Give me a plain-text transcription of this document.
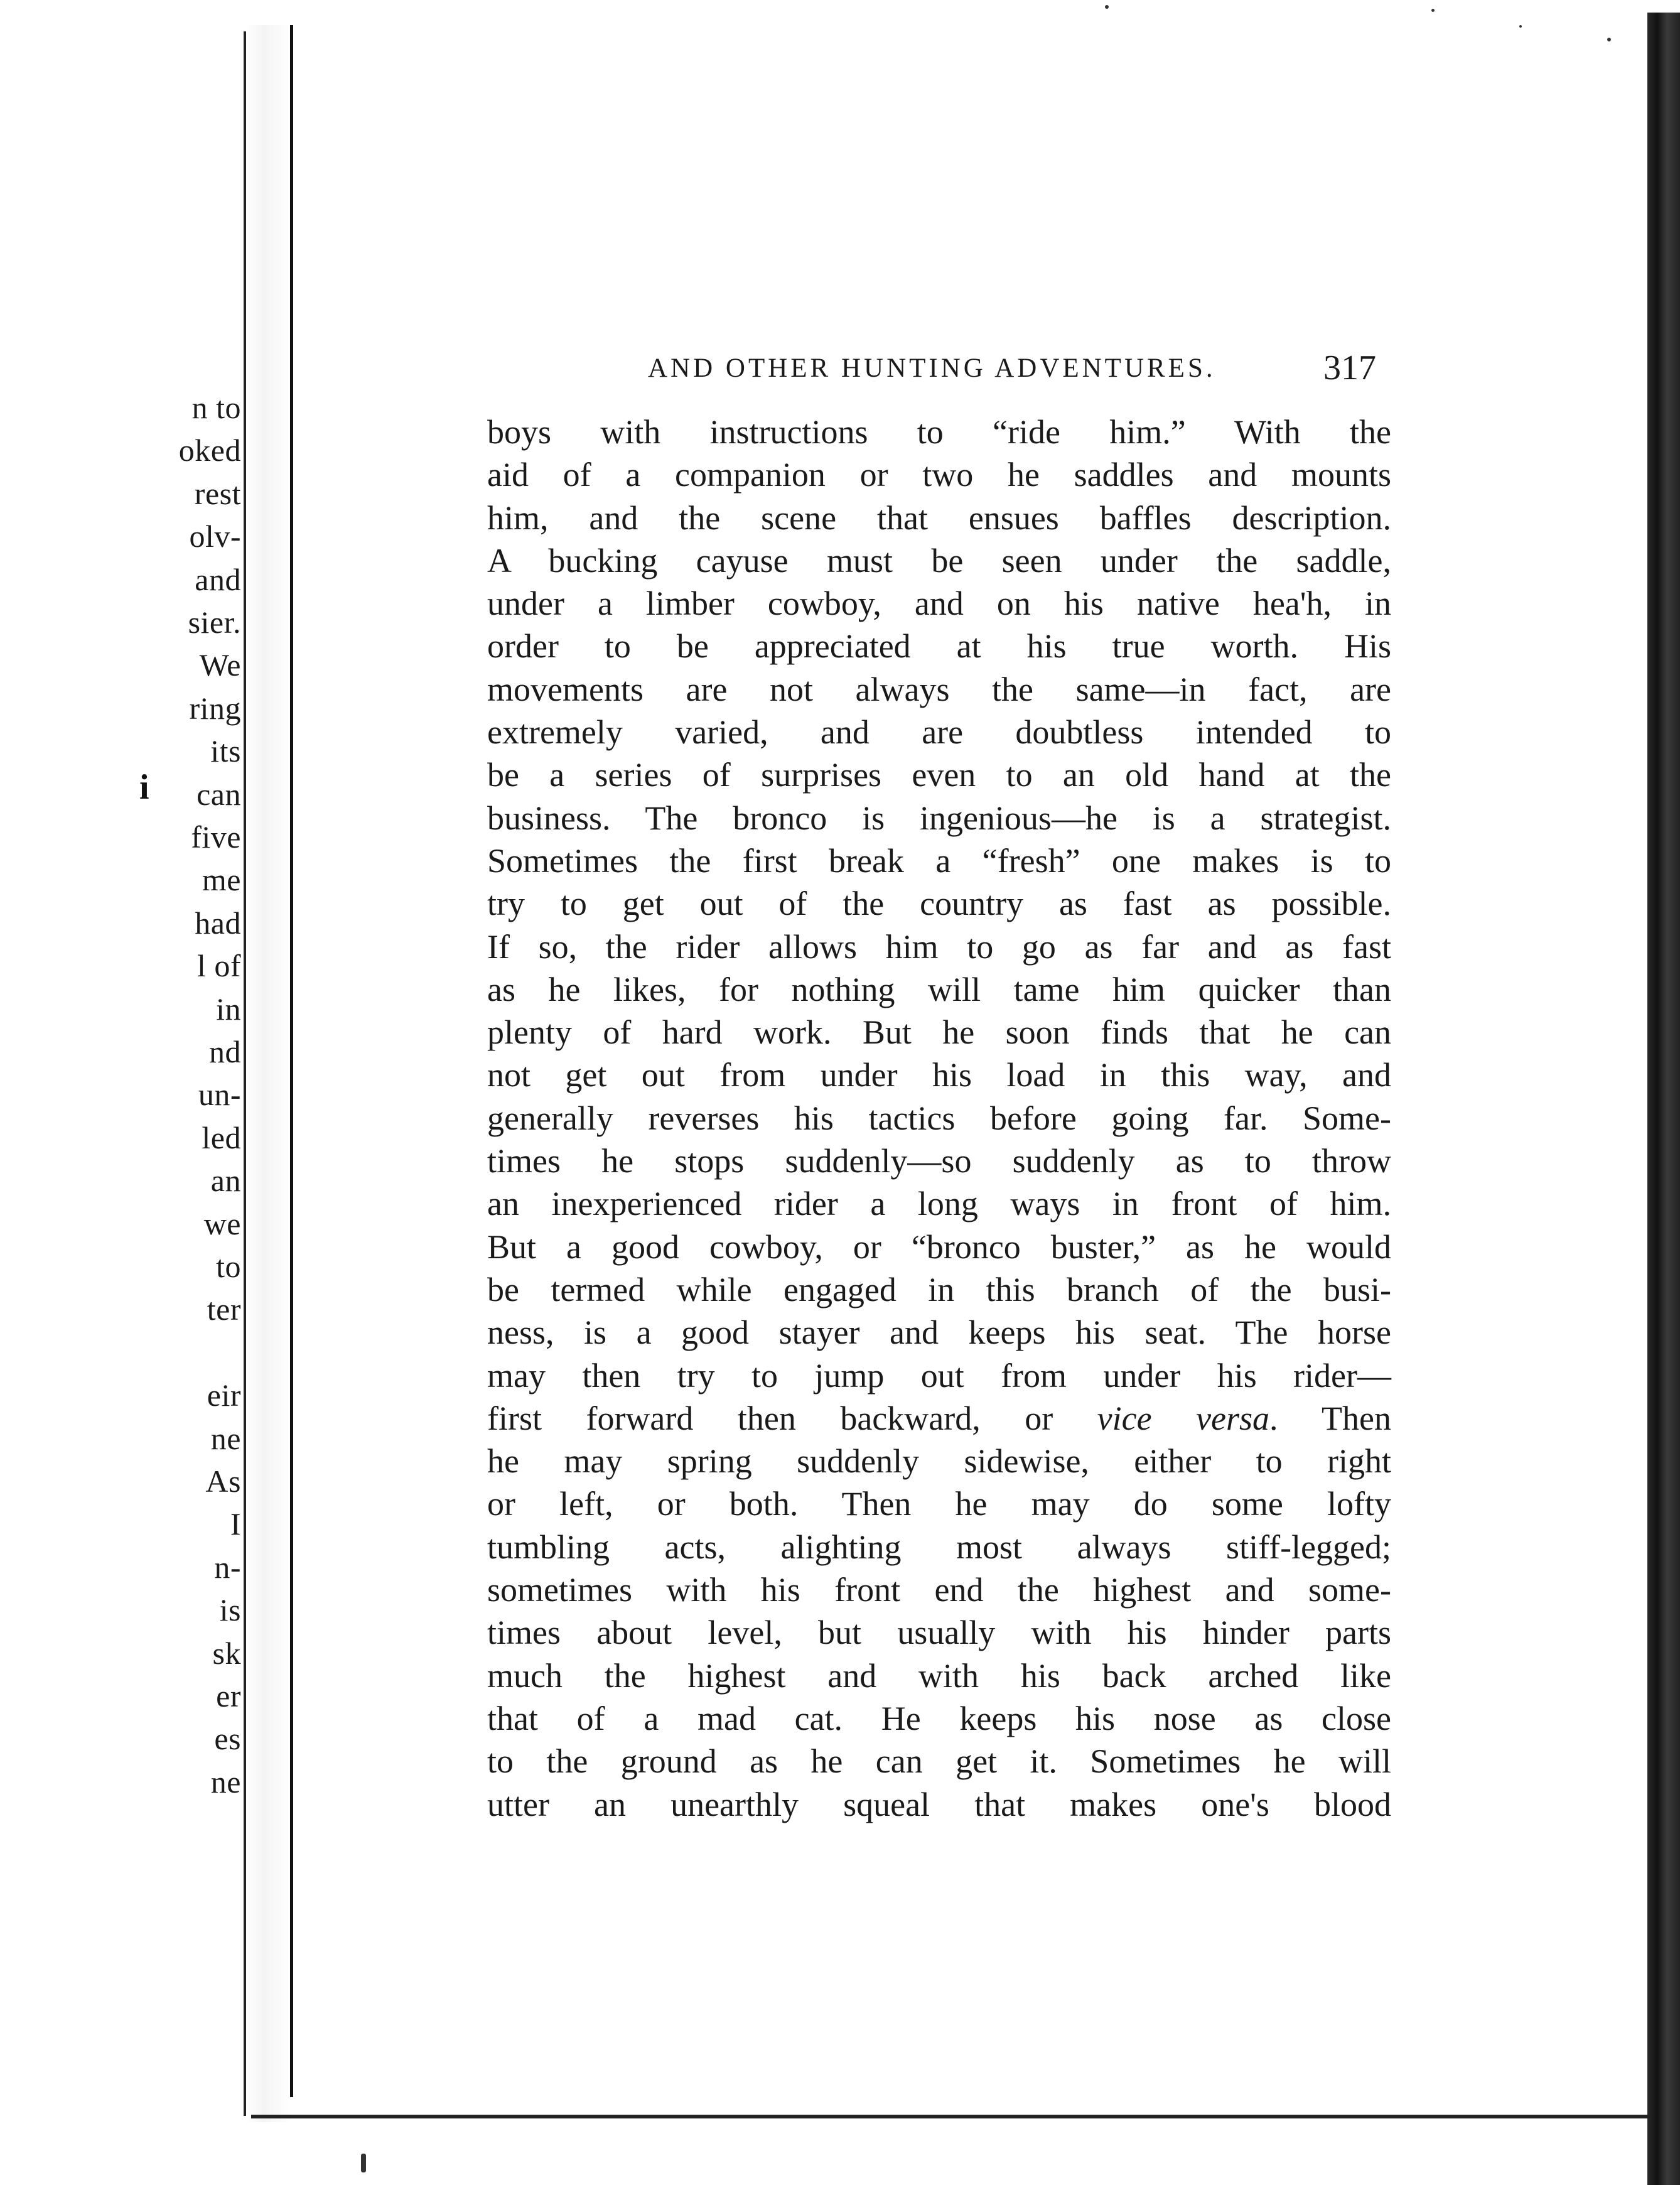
i
n to
oked
rest
olv-
and
sier.
We
ring
its
can
five
me
had
l of
in
nd
un-
led
an
we
to
ter
eir
ne
As
I
n-
is
sk
er
es
ne
AND OTHER HUNTING ADVENTURES.	317
boys with instructions to “ride him.” With the
aid of a companion or two he saddles and mounts
him, and the scene that ensues baffles description.
A bucking cayuse must be seen under the saddle,
under a limber cowboy, and on his native hea'h, in
order to be appreciated at his true worth. His
movements are not always the same—in fact, are
extremely varied, and are doubtless intended to
be a series of surprises even to an old hand at the
business. The bronco is ingenious—he is a strategist.
Sometimes the first break a “fresh” one makes is to
try to get out of the country as fast as possible.
If so, the rider allows him to go as far and as fast
as he likes, for nothing will tame him quicker than
plenty of hard work. But he soon finds that he can
not get out from under his load in this way, and
generally reverses his tactics before going far. Some-
times he stops suddenly—so suddenly as to throw
an inexperienced rider a long ways in front of him.
But a good cowboy, or “bronco buster,” as he would
be termed while engaged in this branch of the busi-
ness, is a good stayer and keeps his seat. The horse
may then try to jump out from under his rider—
first forward then backward, or vice versa. Then
he may spring suddenly sidewise, either to right
or left, or both. Then he may do some lofty
tumbling acts, alighting most always stiff-legged;
sometimes with his front end the highest and some-
times about level, but usually with his hinder parts
much the highest and with his back arched like
that of a mad cat. He keeps his nose as close
to the ground as he can get it. Sometimes he will
utter an unearthly squeal that makes one's blood
